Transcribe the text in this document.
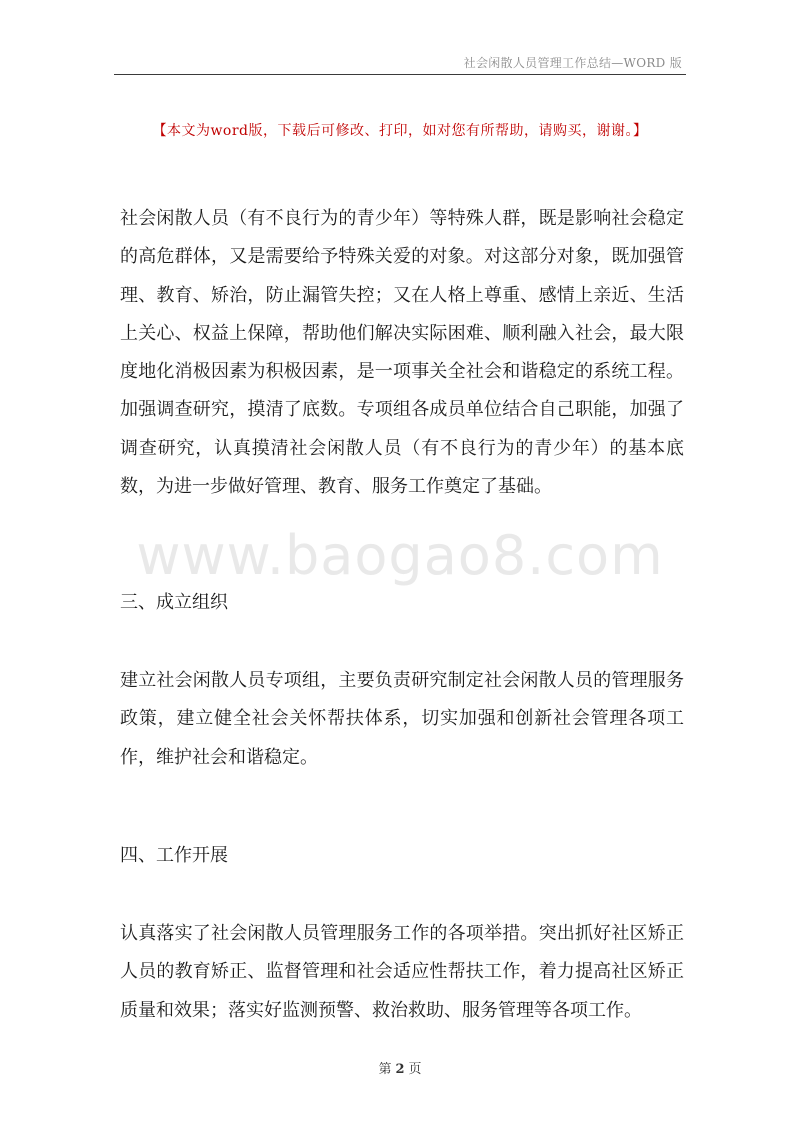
社会闲散人员管理工作总结—WORD 版
【本文为word版，下载后可修改、打印，如对您有所帮助，请购买，谢谢。】

社会闲散人员（有不良行为的青少年）等特殊人群，既是影响社会稳定的高危群体，又是需要给予特殊关爱的对象。对这部分对象，既加强管理、教育、矫治，防止漏管失控；又在人格上尊重、感情上亲近、生活上关心、权益上保障，帮助他们解决实际困难、顺利融入社会，最大限度地化消极因素为积极因素，是一项事关全社会和谐稳定的系统工程。加强调查研究，摸清了底数。专项组各成员单位结合自己职能，加强了调查研究，认真摸清社会闲散人员（有不良行为的青少年）的基本底数，为进一步做好管理、教育、服务工作奠定了基础。

www.baogao8.com

三、成立组织

建立社会闲散人员专项组，主要负责研究制定社会闲散人员的管理服务政策，建立健全社会关怀帮扶体系，切实加强和创新社会管理各项工作，维护社会和谐稳定。

四、工作开展

认真落实了社会闲散人员管理服务工作的各项举措。突出抓好社区矫正人员的教育矫正、监督管理和社会适应性帮扶工作，着力提高社区矫正质量和效果；落实好监测预警、救治救助、服务管理等各项工作。

第 2 页
